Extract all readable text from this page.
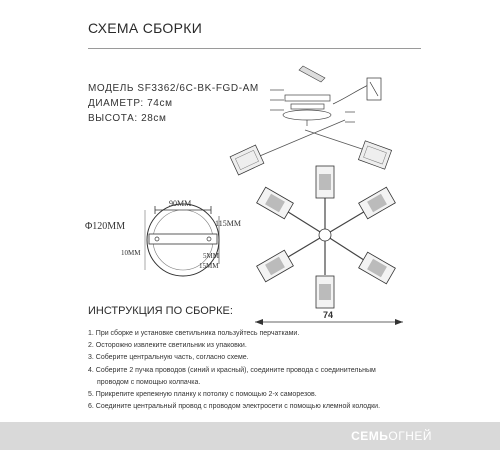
СХЕМА СБОРКИ
МОДЕЛЬ SF3362/6C-BK-FGD-AM
ДИАМЕТР: 74см
ВЫСОТА: 28см
90MM
Φ120MM	115MM
10MM	5MM
15MM
74
ИНСТРУКЦИЯ ПО СБОРКЕ:
1. При сборке и установке светильника пользуйтесь перчатками.
2. Осторожно извлеките светильник из упаковки.
3. Соберите центральную часть, согласно схеме.
4. Соберите 2 пучка проводов (синий и красный), соедините провода с соединительным
проводом с помощью колпачка.
5. Прикрепите крепежную планку к потолку с помощью 2-х саморезов.
6. Соедините центральный провод с проводом электросети с помощью клемной колодки.
СЕМЬОГНЕЙ
